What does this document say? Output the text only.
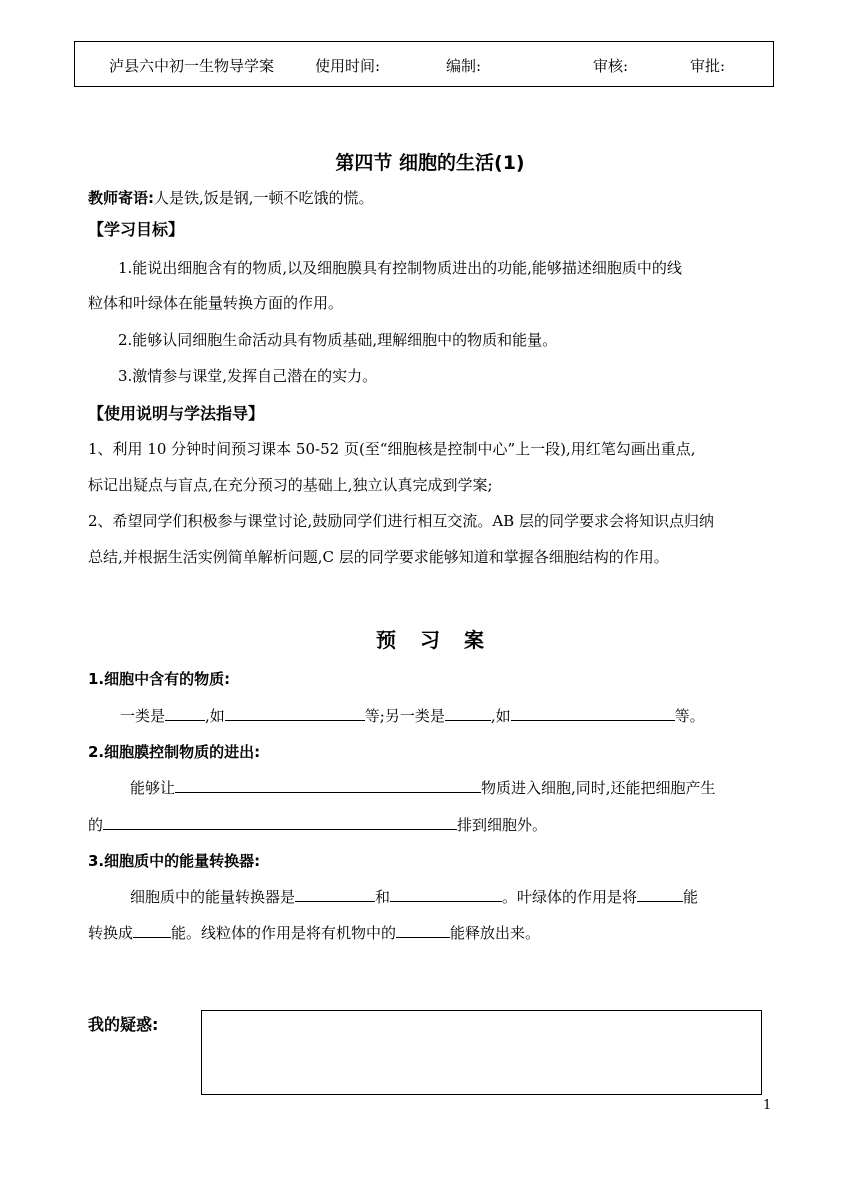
泸县六中初一生物导学案	使用时间:	编制:	审核:	审批:
第四节 细胞的生活(1)
教师寄语:人是铁,饭是钢,一顿不吃饿的慌。
【学习目标】
1.能说出细胞含有的物质,以及细胞膜具有控制物质进出的功能,能够描述细胞质中的线
粒体和叶绿体在能量转换方面的作用。
2.能够认同细胞生命活动具有物质基础,理解细胞中的物质和能量。
3.激情参与课堂,发挥自己潜在的实力。
【使用说明与学法指导】
1、利用 10 分钟时间预习课本 50-52 页(至“细胞核是控制中心”上一段),用红笔勾画出重点,
标记出疑点与盲点,在充分预习的基础上,独立认真完成到学案;
2、希望同学们积极参与课堂讨论,鼓励同学们进行相互交流。AB 层的同学要求会将知识点归纳
总结,并根据生活实例简单解析问题,C 层的同学要求能够知道和掌握各细胞结构的作用。
预习案
1.细胞中含有的物质:
一类是	,如	等;另一类是	,如	等。
2.细胞膜控制物质的进出:
能够让	物质进入细胞,同时,还能把细胞产生
的	排到细胞外。
3.细胞质中的能量转换器:
细胞质中的能量转换器是	和	。叶绿体的作用是将	能
转换成	能。线粒体的作用是将有机物中的	能释放出来。
我的疑惑:
1
